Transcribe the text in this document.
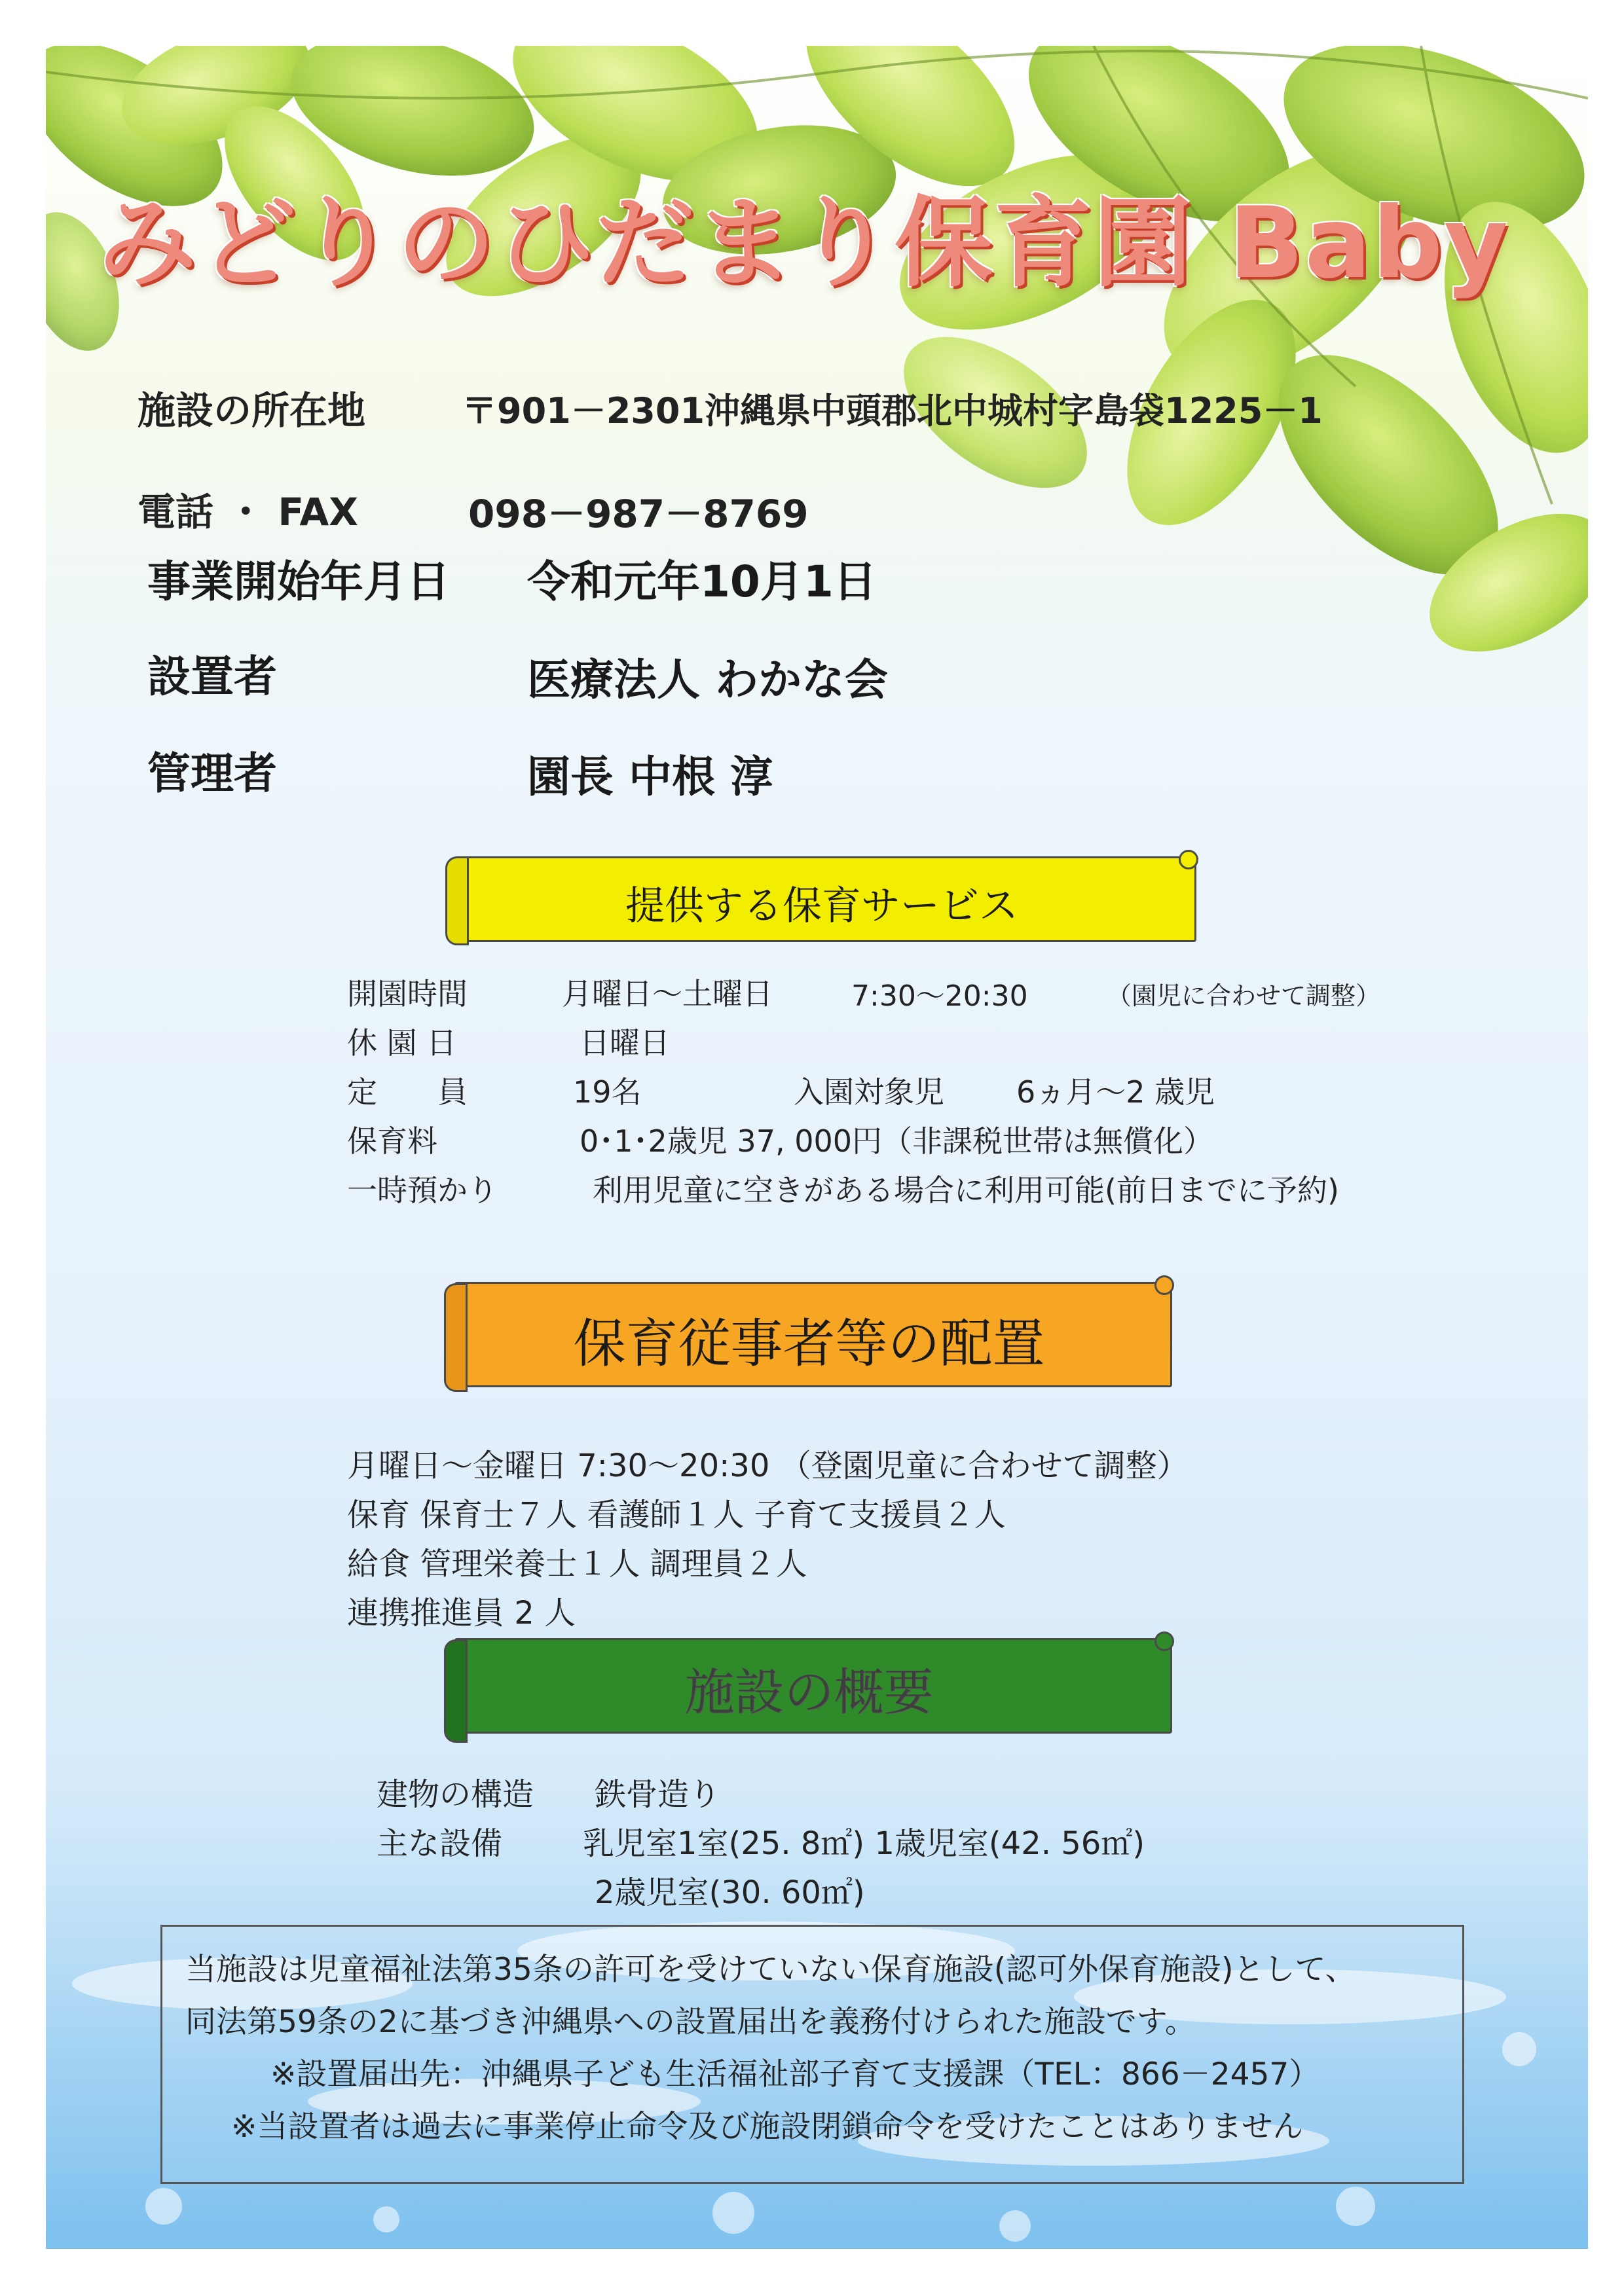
みどりのひだまり保育園 Baby
施設の所在地	〒901－2301沖縄県中頭郡北中城村字島袋1225－1
電話 ・ FAX	098－987－8769
事業開始年月日 令和元年10月1日
設置者	医療法人 わかな会
管理者	園長 中根 淳
提供する保育サービス
開園時間	月曜日～土曜日	7:30～20:30	（園児に合わせて調整）
休 園 日	日曜日
定　　員	19名	入園対象児 6ヵ月～2 歳児
保育料	0･1･2歳児 37, 000円（非課税世帯は無償化）
一時預かり	利用児童に空きがある場合に利用可能(前日までに予約)
保育従事者等の配置
月曜日～金曜日 7:30～20:30 （登園児童に合わせて調整）
保育 保育士７人 看護師１人 子育て支援員２人
給食 管理栄養士１人 調理員２人
連携推進員 2 人
施設の概要
建物の構造 鉄骨造り
主な設備	乳児室1室(25. 8㎡) 1歳児室(42. 56㎡)
2歳児室(30. 60㎡)
当施設は児童福祉法第35条の許可を受けていない保育施設(認可外保育施設)として、
同法第59条の2に基づき沖縄県への設置届出を義務付けられた施設です。
※設置届出先：沖縄県子ども生活福祉部子育て支援課（TEL：866－2457）
※当設置者は過去に事業停止命令及び施設閉鎖命令を受けたことはありません
